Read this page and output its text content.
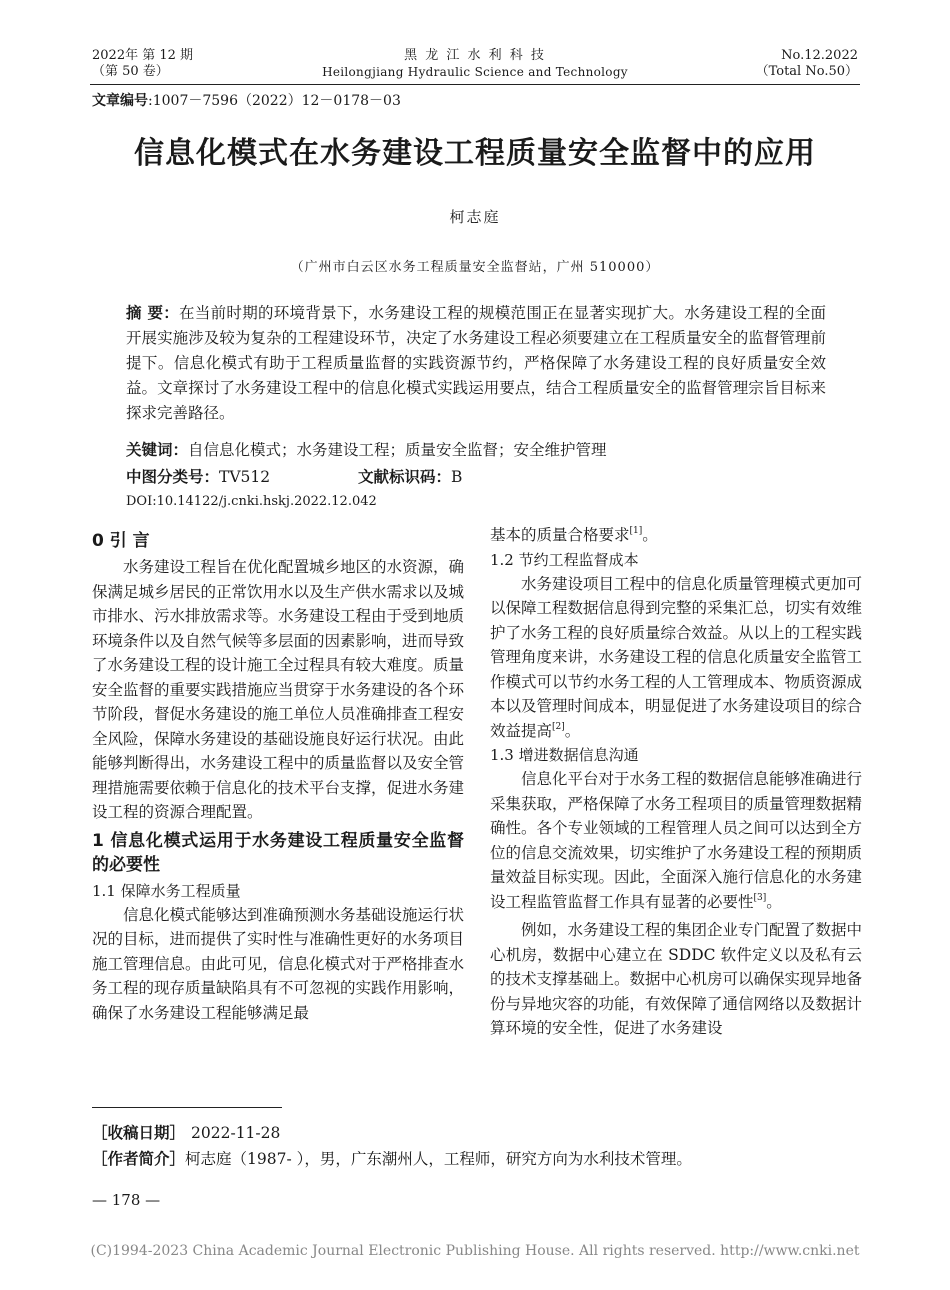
2022年 第 12 期
（第 50 卷）
黑 龙 江 水 利 科 技
Heilongjiang Hydraulic Science and Technology
No.12.2022
（Total No.50）
文章编号:1007－7596（2022）12－0178－03
信息化模式在水务建设工程质量安全监督中的应用
柯志庭
（广州市白云区水务工程质量安全监督站，广州 510000）
摘 要：在当前时期的环境背景下，水务建设工程的规模范围正在显著实现扩大。水务建设工程的全面开展实施涉及较为复杂的工程建设环节，决定了水务建设工程必须要建立在工程质量安全的监督管理前提下。信息化模式有助于工程质量监督的实践资源节约，严格保障了水务建设工程的良好质量安全效益。文章探讨了水务建设工程中的信息化模式实践运用要点，结合工程质量安全的监督管理宗旨目标来探求完善路径。
关键词：自信息化模式；水务建设工程；质量安全监督；安全维护管理
中图分类号：TV512	文献标识码：B
DOI:10.14122/j.cnki.hskj.2022.12.042
0 引 言

水务建设工程旨在优化配置城乡地区的水资源，确保满足城乡居民的正常饮用水以及生产供水需求以及城市排水、污水排放需求等。水务建设工程由于受到地质环境条件以及自然气候等多层面的因素影响，进而导致了水务建设工程的设计施工全过程具有较大难度。质量安全监督的重要实践措施应当贯穿于水务建设的各个环节阶段，督促水务建设的施工单位人员准确排查工程安全风险，保障水务建设的基础设施良好运行状况。由此能够判断得出，水务建设工程中的质量监督以及安全管理措施需要依赖于信息化的技术平台支撑，促进水务建设工程的资源合理配置。

1 信息化模式运用于水务建设工程质量安全监督的必要性
1.1 保障水务工程质量

信息化模式能够达到准确预测水务基础设施运行状况的目标，进而提供了实时性与准确性更好的水务项目施工管理信息。由此可见，信息化模式对于严格排查水务工程的现存质量缺陷具有不可忽视的实践作用影响，确保了水务建设工程能够满足最

基本的质量合格要求[1]。

1.2 节约工程监督成本

水务建设项目工程中的信息化质量管理模式更加可以保障工程数据信息得到完整的采集汇总，切实有效维护了水务工程的良好质量综合效益。从以上的工程实践管理角度来讲，水务建设工程的信息化质量安全监管工作模式可以节约水务工程的人工管理成本、物质资源成本以及管理时间成本，明显促进了水务建设项目的综合效益提高[2]。

1.3 增进数据信息沟通

信息化平台对于水务工程的数据信息能够准确进行采集获取，严格保障了水务工程项目的质量管理数据精确性。各个专业领域的工程管理人员之间可以达到全方位的信息交流效果，切实维护了水务建设工程的预期质量效益目标实现。因此，全面深入施行信息化的水务建设工程监管监督工作具有显著的必要性[3]。

例如，水务建设工程的集团企业专门配置了数据中心机房，数据中心建立在 SDDC 软件定义以及私有云的技术支撑基础上。数据中心机房可以确保实现异地备份与异地灾容的功能，有效保障了通信网络以及数据计算环境的安全性，促进了水务建设

［收稿日期］ 2022-11-28
［作者简介］柯志庭（1987- ），男，广东潮州人，工程师，研究方向为水利技术管理。
— 178 —
(C)1994-2023 China Academic Journal Electronic Publishing House. All rights reserved. http://www.cnki.net
